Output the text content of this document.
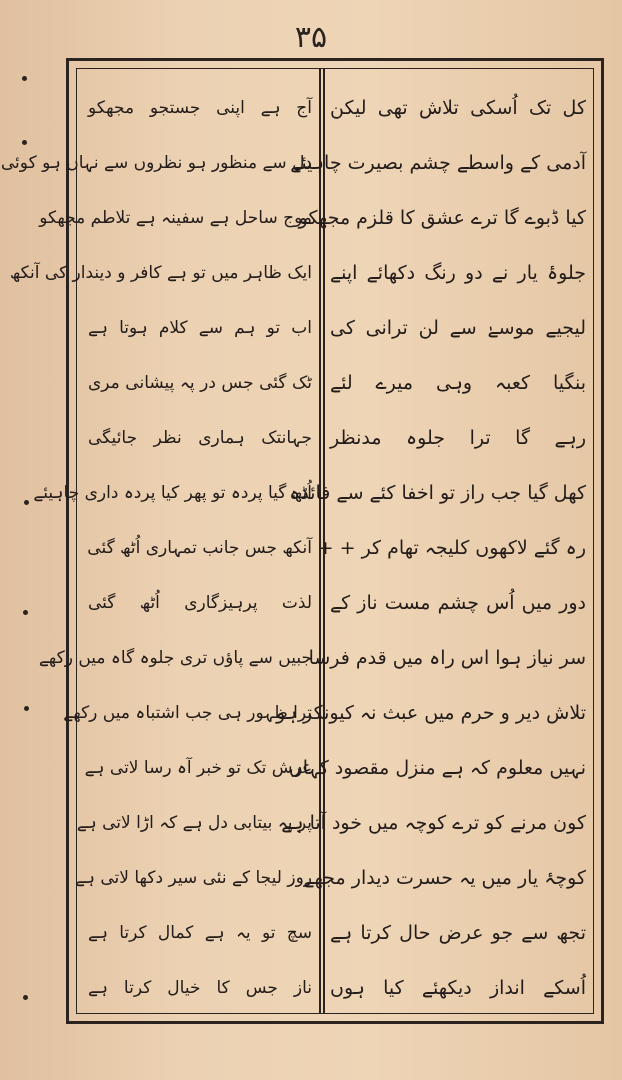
۳۵
کل تک اُسکی تلاش تھی لیکن
آدمی کے واسطے چشم بصیرت چاہیئے
کیا ڈبوے گا ترے عشق کا قلزم مجھکو
جلوۂ یار نے دو رنگ دکھائے اپنے
لیجیے موسےٰ سے لن ترانی کی
بنگیا کعبہ وہی میرے لئے
رہے گا ترا جلوہ مدنظر
کھل گیا جب راز تو اخفا کئے سے فائدہ
رہ گئے لاکھوں کلیجہ تھام کر + +
دور میں اُس چشم مست ناز کے
سر نیاز ہوا اس راہ میں قدم فرسا
تلاش دیر و حرم میں عبث نہ کیونکر ہو
نہیں معلوم کہ ہے منزل مقصود کہاں
کون مرنے کو ترے کوچہ میں خود آتا ہے
کوچۂ یار میں یہ حسرت دیدار مجھے
تجھ سے جو عرض حال کرتا ہے
اُسکے انداز دیکھئے کیا ہوں
آج ہے اپنی جستجو مجھکو
دل سے منظور ہو نظروں سے نہاں ہو کوئی
موج ساحل ہے سفینہ ہے تلاطم مجھکو
ایک ظاہر میں تو ہے کافر و دیندار کی آنکھ
اب تو ہم سے کلام ہوتا ہے
ٹک گئی جس در پہ پیشانی مری
جہانتک ہماری نظر جائیگی
اُٹھ گیا پردہ تو پھر کیا پردہ داری چاہیئے
آنکھ جس جانب تمہاری اُٹھ گئی
لذت پرہیزگاری اُٹھ گئی
جبیں سے پاؤں تری جلوہ گاہ میں رکھے
ترا ظہور ہی جب اشتباہ میں رکھے
عرش تک تو خبر آہ رسا لاتی ہے
پر یہ بیتابی دل ہے کہ اڑا لاتی ہے
روز لیجا کے نئی سیر دکھا لاتی ہے
سچ تو یہ ہے کمال کرتا ہے
ناز جس کا خیال کرتا ہے
